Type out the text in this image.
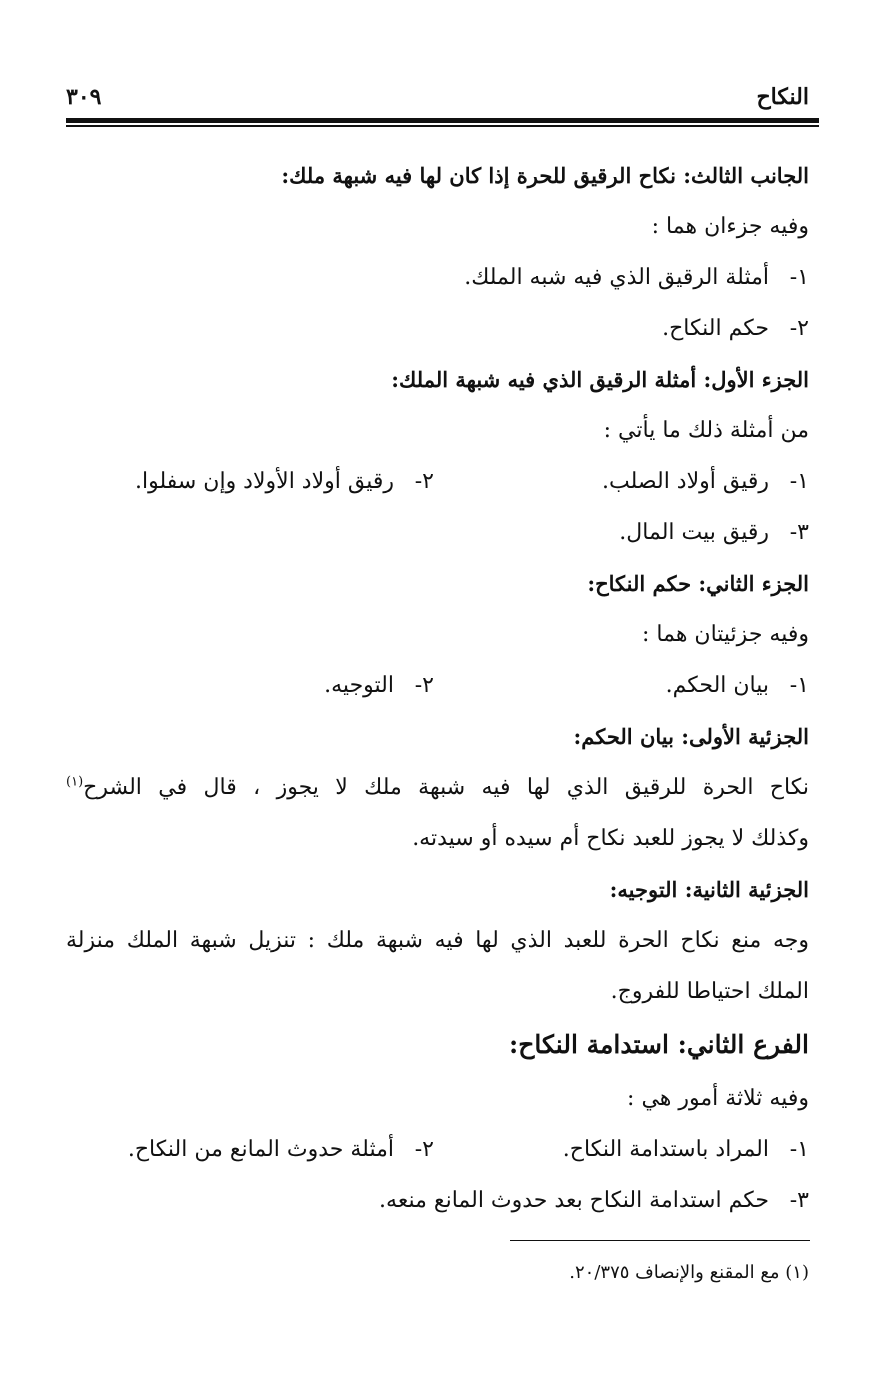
النكاح
٣٠٩
الجانب الثالث: نكاح الرقيق للحرة إذا كان لها فيه شبهة ملك:
وفيه جزءان هما :
١-أمثلة الرقيق الذي فيه شبه الملك.
٢-حكم النكاح.
الجزء الأول: أمثلة الرقيق الذي فيه شبهة الملك:
من أمثلة ذلك ما يأتي :
١-رقيق أولاد الصلب.
٢-رقيق أولاد الأولاد وإن سفلوا.
٣-رقيق بيت المال.
الجزء الثاني: حكم النكاح:
وفيه جزئيتان هما :
١-بيان الحكم.
٢-التوجيه.
الجزئية الأولى: بيان الحكم:
نكاح الحرة للرقيق الذي لها فيه شبهة ملك لا يجوز ، قال في الشرح$^{(١)}$
وكذلك لا يجوز للعبد نكاح أم سيده أو سيدته.
الجزئية الثانية: التوجيه:
وجه منع نكاح الحرة للعبد الذي لها فيه شبهة ملك : تنزيل شبهة الملك منزلة
الملك احتياطا للفروج.
الفرع الثاني: استدامة النكاح:
وفيه ثلاثة أمور هي :
١-المراد باستدامة النكاح.
٢-أمثلة حدوث المانع من النكاح.
٣-حكم استدامة النكاح بعد حدوث المانع منعه.
(١) مع المقنع والإنصاف ٢٠/٣٧٥.
